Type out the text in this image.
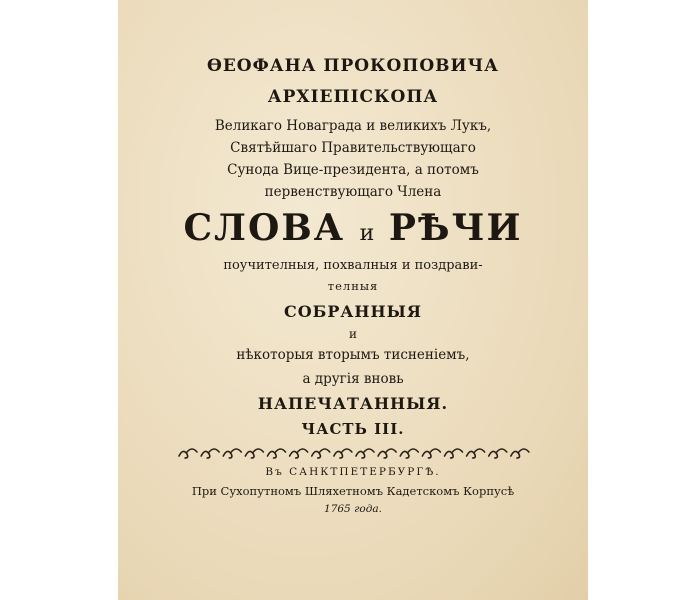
ѲЕОФАНА ПРОКОПОВИЧА
АРХІЕПІСКОПА
Великаго Новаграда и великихъ Лукъ,
Святѣйшаго Правительствующаго
Сунода Вице-президента, а потомъ
первенствующаго Члена
СЛОВА и РѢЧИ
поучителныя, похвалныя и поздрави-
телныя
СОБРАННЫЯ
и
нѣкоторыя вторымъ тисненіемъ,
а другія вновь
НАПЕЧАТАННЫЯ.
ЧАСТЬ III.
Въ САНКТПЕТЕРБУРГѢ.
При Сухопутномъ Шляхетномъ Кадетскомъ Корпусѣ
1765 года.
